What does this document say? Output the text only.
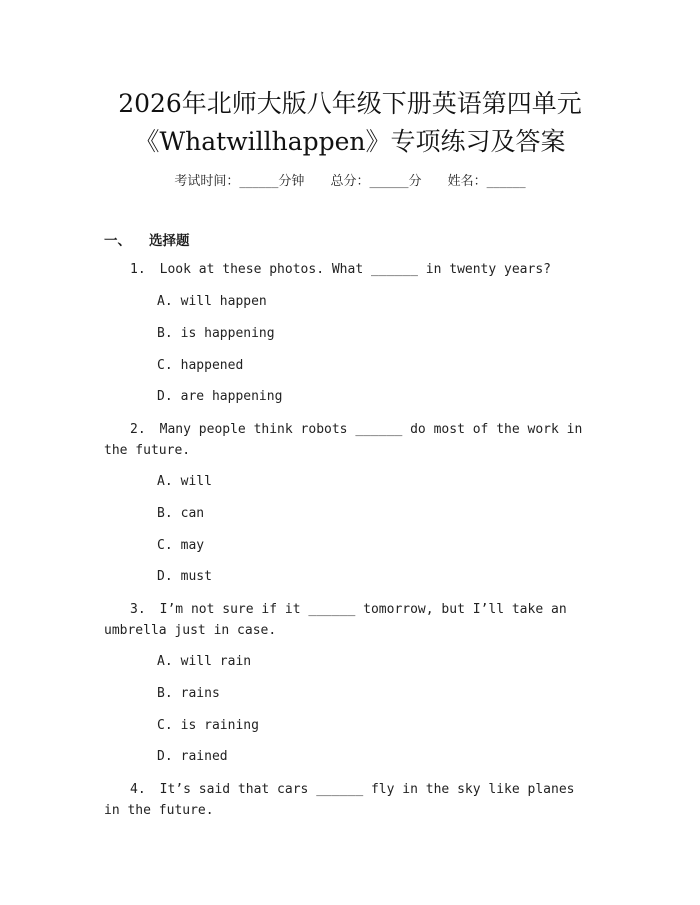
2026年北师大版八年级下册英语第四单元
《Whatwillhappen》专项练习及答案
考试时间：______分钟 总分：______分 姓名：______
一、 选择题
1. Look at these photos. What ______ in twenty years?
A. will happen
B. is happening
C. happened
D. are happening
2. Many people think robots ______ do most of the work in the future.
A. will
B. can
C. may
D. must
3. I’m not sure if it ______ tomorrow, but I’ll take an umbrella just in case.
A. will rain
B. rains
C. is raining
D. rained
4. It’s said that cars ______ fly in the sky like planes in the future.
